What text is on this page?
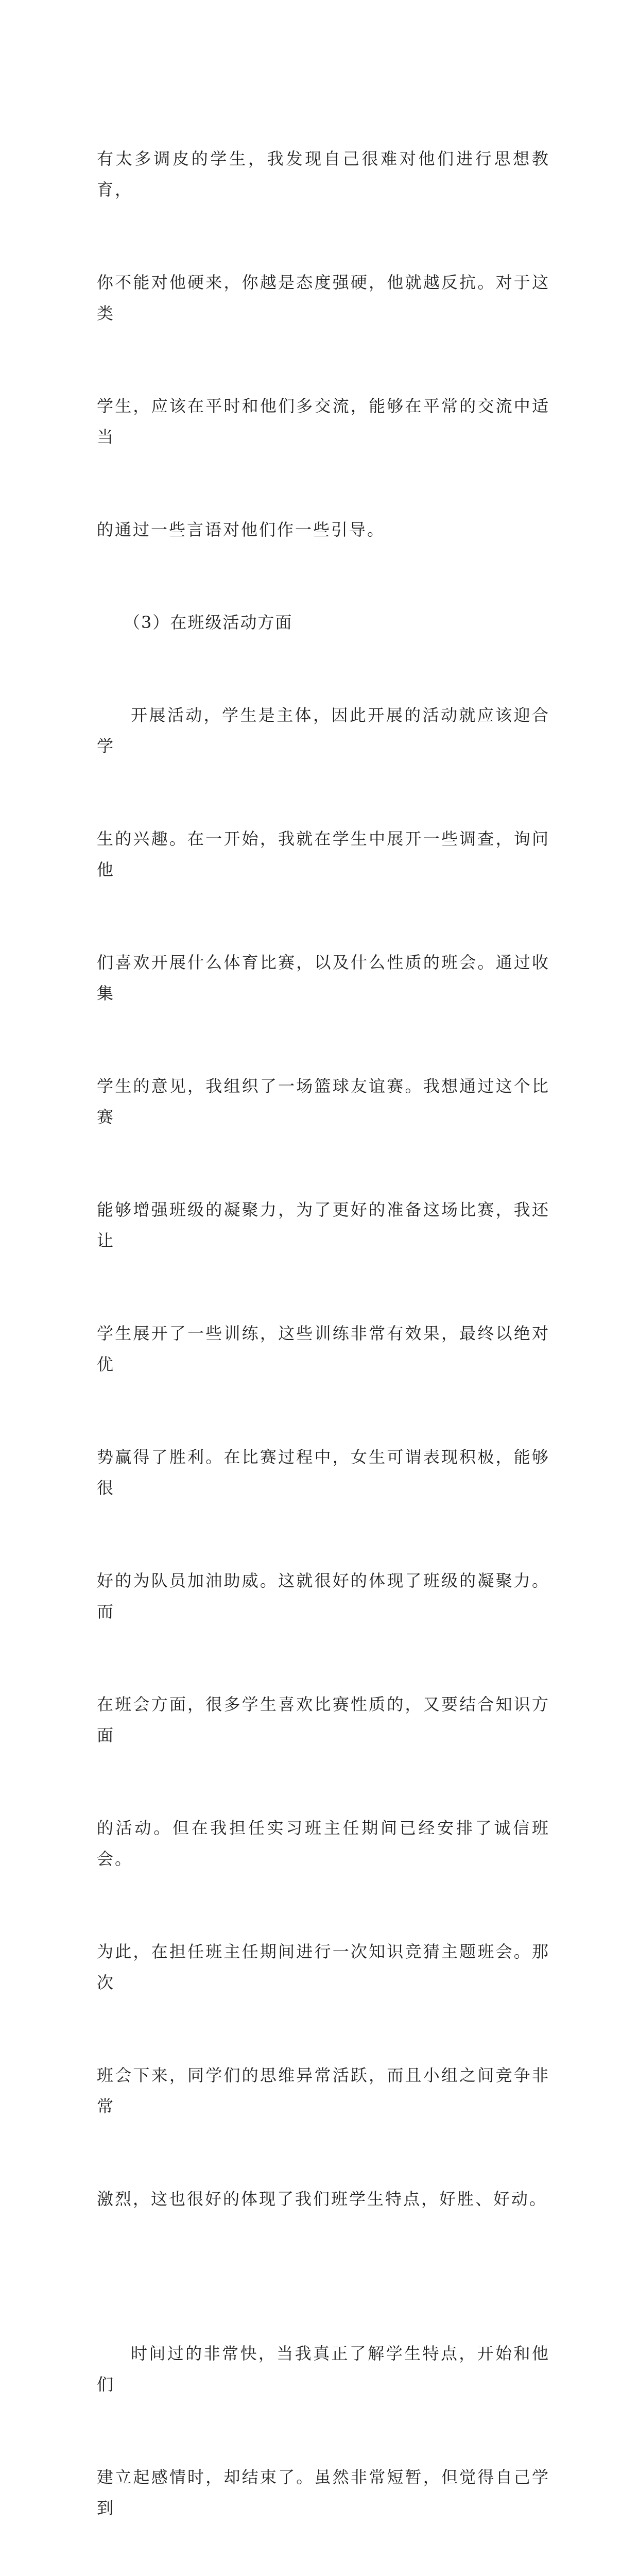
有太多调皮的学生，我发现自己很难对他们进行思想教育，

你不能对他硬来，你越是态度强硬，他就越反抗。对于这类

学生，应该在平时和他们多交流，能够在平常的交流中适当

的通过一些言语对他们作一些引导。

（3）在班级活动方面

开展活动，学生是主体，因此开展的活动就应该迎合学

生的兴趣。在一开始，我就在学生中展开一些调查，询问他

们喜欢开展什么体育比赛，以及什么性质的班会。通过收集

学生的意见，我组织了一场篮球友谊赛。我想通过这个比赛

能够增强班级的凝聚力，为了更好的准备这场比赛，我还让

学生展开了一些训练，这些训练非常有效果，最终以绝对优

势赢得了胜利。在比赛过程中，女生可谓表现积极，能够很

好的为队员加油助威。这就很好的体现了班级的凝聚力。而

在班会方面，很多学生喜欢比赛性质的，又要结合知识方面

的活动。但在我担任实习班主任期间已经安排了诚信班会。

为此，在担任班主任期间进行一次知识竞猜主题班会。那次

班会下来，同学们的思维异常活跃，而且小组之间竞争非常

激烈，这也很好的体现了我们班学生特点，好胜、好动。

时间过的非常快，当我真正了解学生特点，开始和他们

建立起感情时，却结束了。虽然非常短暂，但觉得自己学到
